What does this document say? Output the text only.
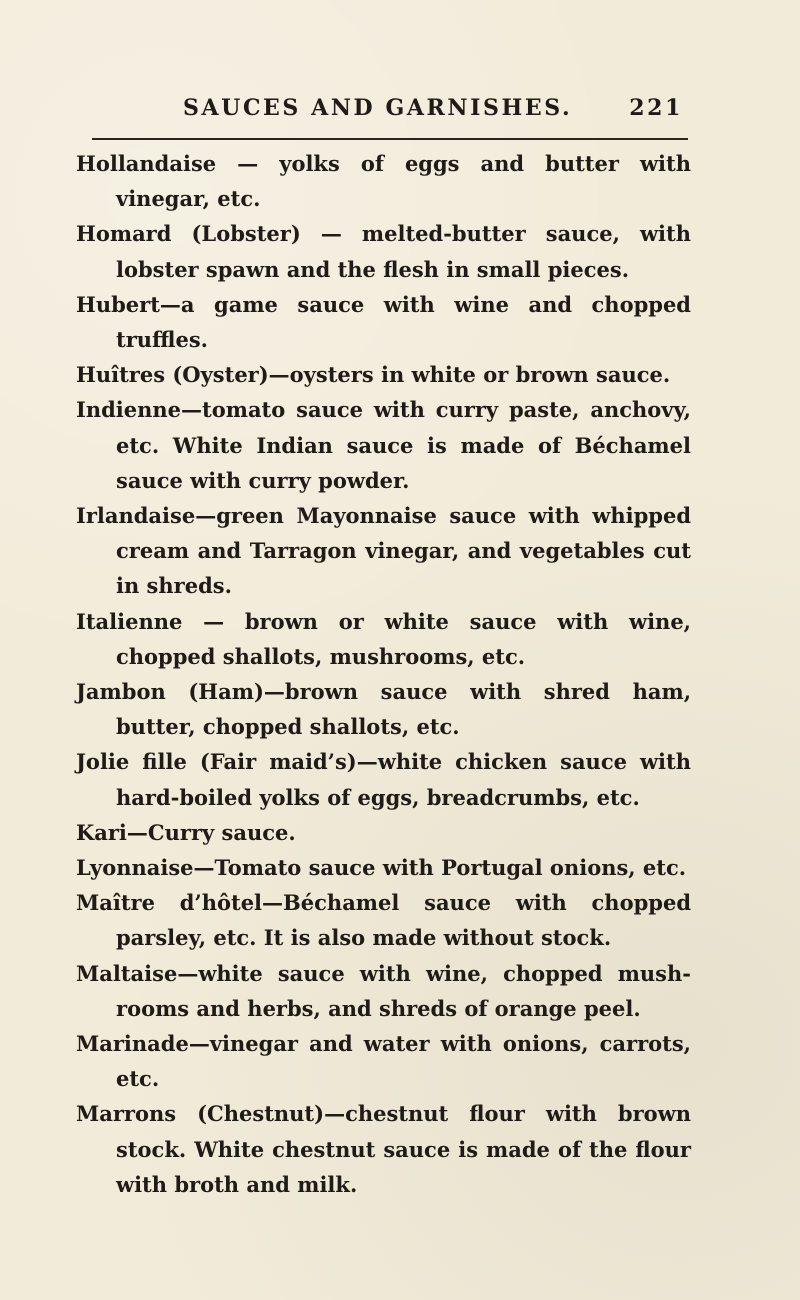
SAUCES AND GARNISHES.	221

Hollandaise — yolks of eggs and butter with vinegar, etc.

Homard (Lobster) — melted-butter sauce, with lobster spawn and the flesh in small pieces.

Hubert—a game sauce with wine and chopped truffles.

Huîtres (Oyster)—oysters in white or brown sauce.

Indienne—tomato sauce with curry paste, anchovy, etc. White Indian sauce is made of Béchamel sauce with curry powder.

Irlandaise—green Mayonnaise sauce with whipped cream and Tarragon vinegar, and vegetables cut in shreds.

Italienne — brown or white sauce with wine, chopped shallots, mushrooms, etc.

Jambon (Ham)—brown sauce with shred ham, butter, chopped shallots, etc.

Jolie fille (Fair maid’s)—white chicken sauce with hard-boiled yolks of eggs, breadcrumbs, etc.

Kari—Curry sauce.

Lyonnaise—Tomato sauce with Portugal onions, etc.

Maître d’hôtel—Béchamel sauce with chopped parsley, etc. It is also made without stock.

Maltaise—white sauce with wine, chopped mush-rooms and herbs, and shreds of orange peel.

Marinade—vinegar and water with onions, carrots, etc.

Marrons (Chestnut)—chestnut flour with brown stock. White chestnut sauce is made of the flour with broth and milk.
